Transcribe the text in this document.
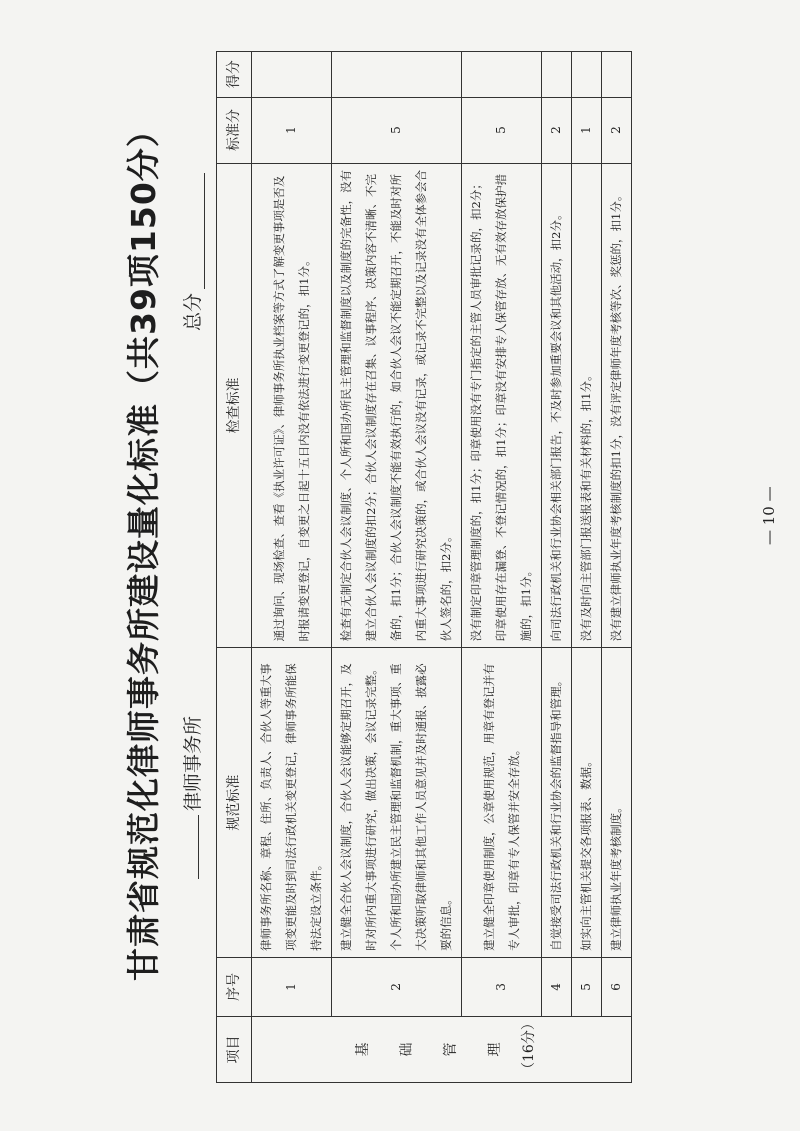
甘肃省规范化律师事务所建设量化标准（共39项150分） 律师事务所
总分
项目	序号	规范标准	检查标准	标准分	得分
基 础 管 理 （16分）	1	律师事务所名称、章程、住所、负责人、合伙人等重大事项变更能及时到司法行政机关变更登记，律师事务所能保持法定设立条件。	通过询问、现场检查、查看《执业许可证》、律师事务所执业档案等方式了解变更事项是否及时报请变更登记，自变更之日起十五日内没有依法进行变更登记的，扣1分。	1	
	2	建立健全合伙人会议制度，合伙人会议能够定期召开，及时对所内重大事项进行研究，做出决策，会议记录完整。个人所和国办所建立民主管理和监督机制，重大事项、重大决策听取律师和其他工作人员意见并及时通报、披露必要的信息。	检查有无制定合伙人会议制度、个人所和国办所民主管理和监督制度以及制度的完备性，没有建立合伙人会议制度的扣2分；合伙人会议制度存在召集、议事程序、决策内容不清晰、不完备的，扣1分；合伙人会议制度不能有效执行的，如合伙人会议不能定期召开，不能及时对所内重大事项进行研究决策的，或合伙人会议没有记录，或记录不完整以及记录没有全体参会合伙人签名的，扣2分。	5	
	3	建立健全印章使用制度，公章使用规范，用章有登记并有专人审批，印章有专人保管并安全存放。	没有制定印章管理制度的，扣1分；印章使用没有专门指定的主管人员审批记录的，扣2分；印章使用存在漏登、不登记情况的，扣1分；印章没有安排专人保管存放、无有效存放保护措施的，扣1分。	5	
	4	自觉接受司法行政机关和行业协会的监督指导和管理。	向司法行政机关和行业协会相关部门报告，不及时参加重要会议和其他活动，扣2分。	2	
	5	如实向主管机关提交各项报表、数据。	没有及时向主管部门报送报表和有关材料的，扣1分。	1	
	6	建立律师执业年度考核制度。	没有建立律师执业年度考核制度的扣1分，没有评定律师年度考核等次、奖惩的，扣1分。	2	
— 10 —
